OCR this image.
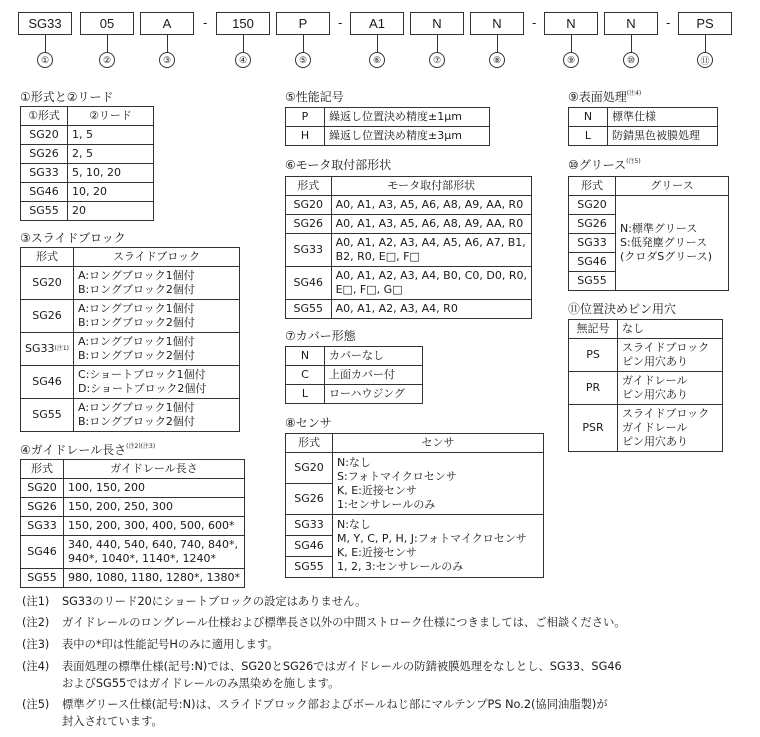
SG33	05	A	-	150	P	-	A1	N	N	-	N	N	-	PS
①	②	③	④	⑤	⑥	⑦	⑧	⑨	⑩	⑪
①形式と②リード
①形式	②リード
SG20	1, 5
SG26	2, 5
SG33	5, 10, 20
SG46	10, 20
SG55	20
③スライドブロック
形式	スライドブロック
SG20	A:ロングブロック1個付
B:ロングブロック2個付

SG26	A:ロングブロック1個付
B:ロングブロック2個付

$SG33^{(注1)}$	A:ロングブロック1個付
B:ロングブロック2個付

SG46	C:ショートブロック1個付
D:ショートブロック2個付

SG55	A:ロングブロック1個付
B:ロングブロック2個付
④ガイドレール長さ$^{(注2)(注3)}$
形式	ガイドレール長さ
SG20	100, 150, 200
SG26	150, 200, 250, 300
SG33	150, 200, 300, 400, 500, 600*
SG46	340, 440, 540, 640, 740, 840*,
940*, 1040*, 1140*, 1240*

SG55	980, 1080, 1180, 1280*, 1380*
⑤性能記号
P	繰返し位置決め精度±1μm
H	繰返し位置決め精度±3μm
⑥モータ取付部形状
形式	モータ取付部形状
SG20	A0, A1, A3, A5, A6, A8, A9, AA, R0
SG26	A0, A1, A3, A5, A6, A8, A9, AA, R0
SG33	A0, A1, A2, A3, A4, A5, A6, A7, B1,
B2, R0, E□, F□

SG46	A0, A1, A2, A3, A4, B0, C0, D0, R0,
E□, F□, G□

SG55	A0, A1, A2, A3, A4, R0
⑦カバー形態
N	カバーなし
C	上面カバー付
L	ローハウジング
⑧センサ
形式	センサ
SG20	N:なし
S:フォトマイクロセンサ
K, E:近接センサ
1:センサレールのみ

SG26	
SG33	N:なし
M, Y, C, P, H, J:フォトマイクロセンサ
K, E:近接センサ
1, 2, 3:センサレールのみ

SG46	
SG55	
⑨表面処理$^{(注4)}$
N	標準仕様
L	防錆黒色被膜処理
⑩グリース$^{(注5)}$
形式	グリース
SG20	N:標準グリース
S:低発塵グリース
(クロダSグリース)

SG26	
SG33	
SG46	
SG55	
⑪位置決めピン用穴
無記号	なし
PS	スライドブロック
ピン用穴あり

PR	ガイドレール
ピン用穴あり

PSR	スライドブロック
ガイドレール
ピン用穴あり
(注1) SG33のリード20にショートブロックの設定はありません。
(注2) ガイドレールのロングレール仕様および標準長さ以外の中間ストローク仕様につきましては、ご相談ください。
(注3) 表中の*印は性能記号Hのみに適用します。
(注4) 表面処理の標準仕様(記号:N)では、SG20とSG26ではガイドレールの防錆被膜処理をなしとし、SG33、SG46
およびSG55ではガイドレールのみ黒染めを施します。
(注5) 標準グリース仕様(記号:N)は、スライドブロック部およびボールねじ部にマルテンプPS No.2(協同油脂製)が
封入されています。
